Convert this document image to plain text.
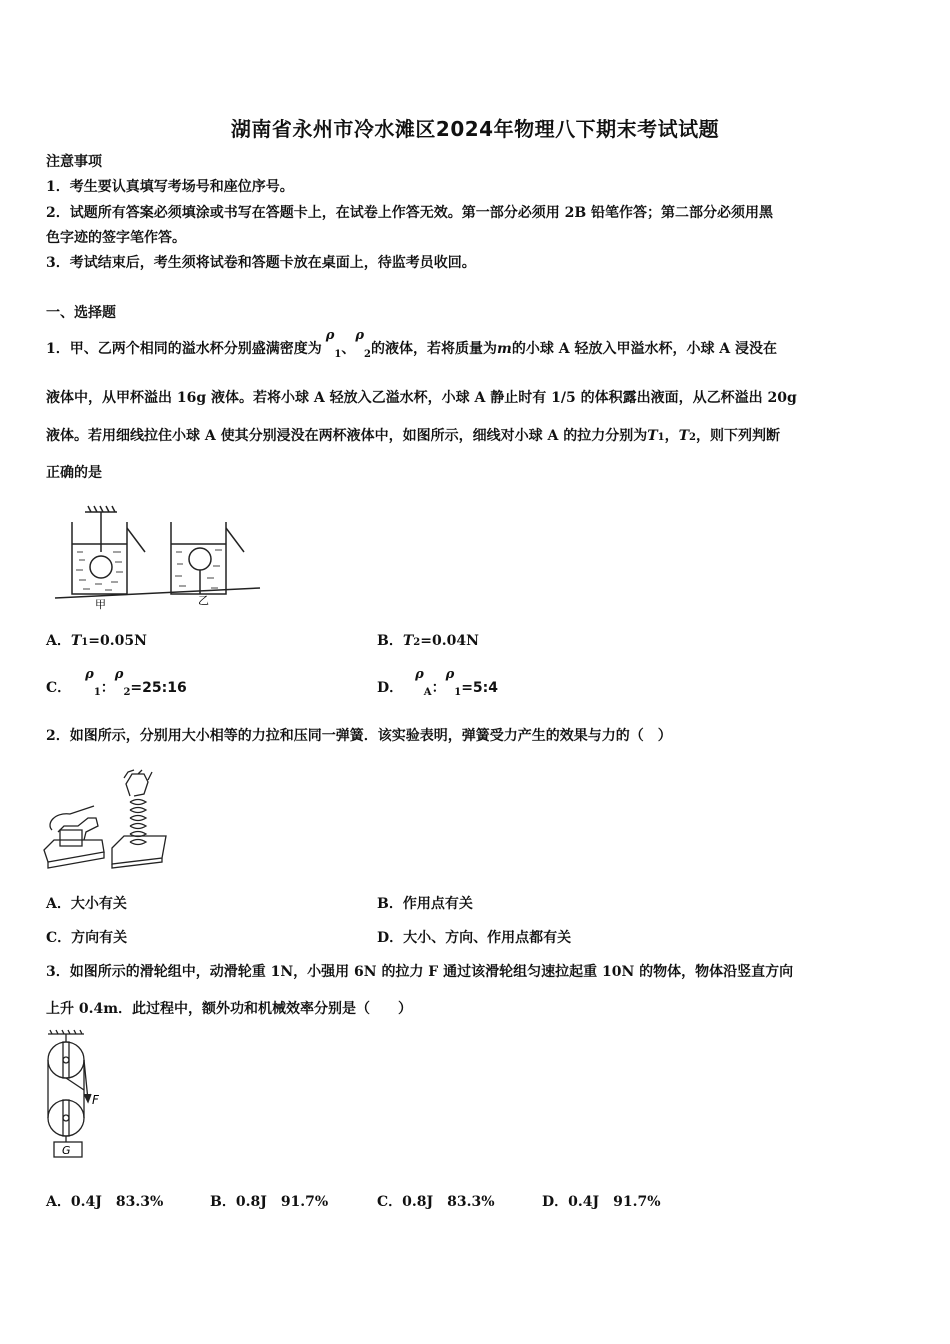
湖南省永州市冷水滩区2024年物理八下期末考试试题
注意事项
1．考生要认真填写考场号和座位序号。
2．试题所有答案必须填涂或书写在答题卡上，在试卷上作答无效。第一部分必须用 2B 铅笔作答；第二部分必须用黑
色字迹的签字笔作答。
3．考试结束后，考生须将试卷和答题卡放在桌面上，待监考员收回。
一、选择题
1．甲、乙两个相同的溢水杯分别盛满密度为$\rho_1$、$\rho_2$的液体，若将质量为m的小球 A 轻放入甲溢水杯，小球 A 浸没在
液体中，从甲杯溢出 16g 液体。若将小球 A 轻放入乙溢水杯，小球 A 静止时有 1/5 的体积露出液面，从乙杯溢出 20g
液体。若用细线拉住小球 A 使其分别浸没在两杯液体中，如图所示，细线对小球 A 的拉力分别为T1，T2，则下列判断
正确的是
甲	乙
A．T1=0.05N	B．T2=0.04N
C．$\rho_1$：$\rho_2=25:16$	D．$\rho_A$：$\rho_1=5:4$
2．如图所示，分别用大小相等的力拉和压同一弹簧．该实验表明，弹簧受力产生的效果与力的（　）
A．大小有关	B．作用点有关
C．方向有关	D．大小、方向、作用点都有关
3．如图所示的滑轮组中，动滑轮重 1N，小强用 6N 的拉力 F 通过该滑轮组匀速拉起重 10N 的物体，物体沿竖直方向
上升 0.4m．此过程中，额外功和机械效率分别是（　　）
F
G
A．0.4J　83.3%	B．0.8J　91.7%	C．0.8J　83.3%	D．0.4J　91.7%
